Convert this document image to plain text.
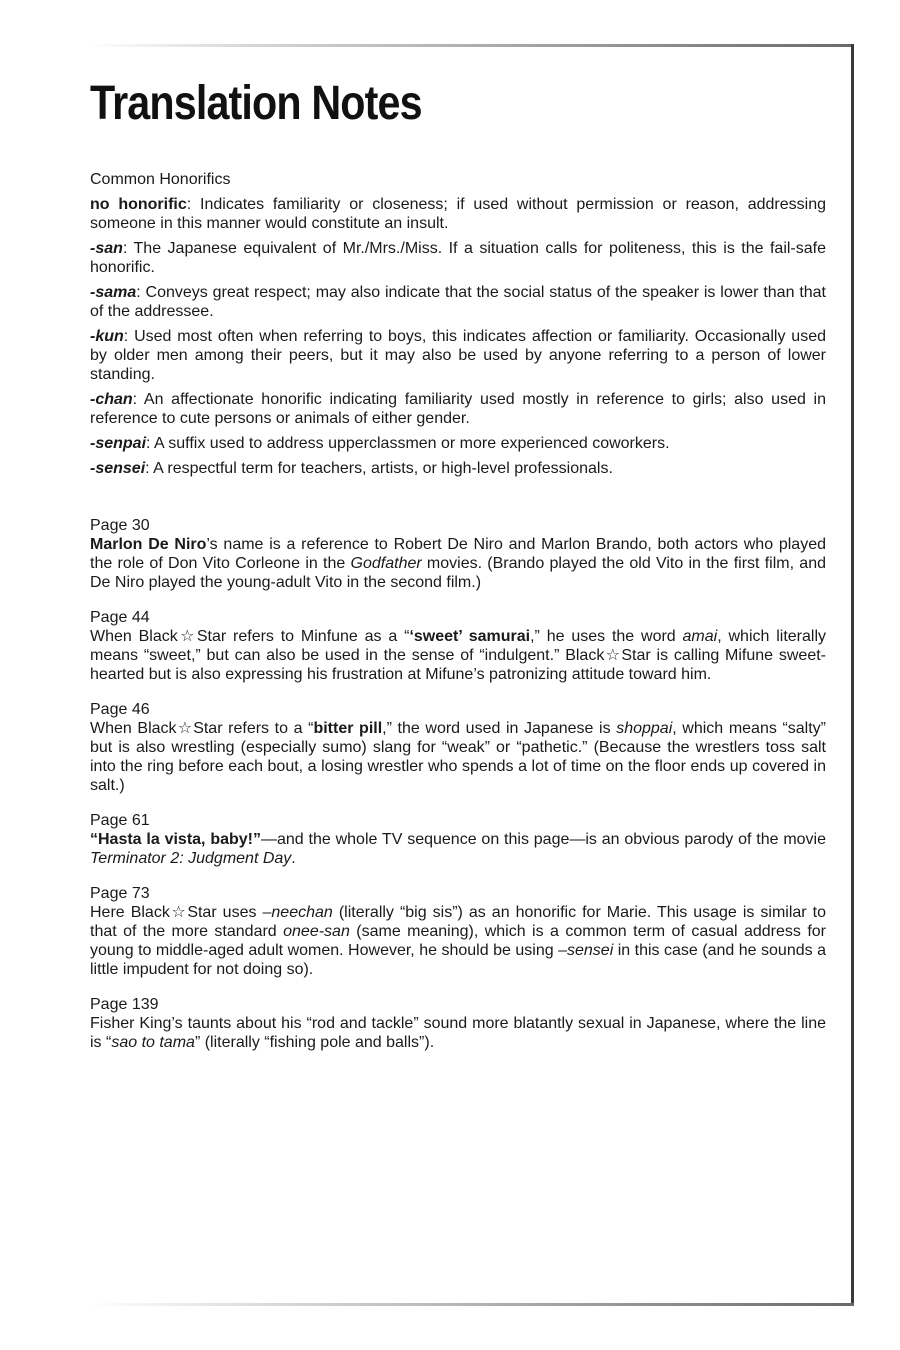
Translation Notes
Common Honorifics
no honorific: Indicates familiarity or closeness; if used without permission or reason, addressing someone in this manner would constitute an insult.
-san: The Japanese equivalent of Mr./Mrs./Miss. If a situation calls for politeness, this is the fail-safe honorific.
-sama: Conveys great respect; may also indicate that the social status of the speaker is lower than that of the addressee.
-kun: Used most often when referring to boys, this indicates affection or familiarity. Occasionally used by older men among their peers, but it may also be used by anyone referring to a person of lower standing.
-chan: An affectionate honorific indicating familiarity used mostly in reference to girls; also used in reference to cute persons or animals of either gender.
-senpai: A suffix used to address upperclassmen or more experienced coworkers.
-sensei: A respectful term for teachers, artists, or high-level professionals.
Page 30
Marlon De Niro’s name is a reference to Robert De Niro and Marlon Brando, both actors who played the role of Don Vito Corleone in the Godfather movies. (Brando played the old Vito in the first film, and De Niro played the young-adult Vito in the second film.)
Page 44
When Black☆Star refers to Minfune as a “‘sweet’ samurai,” he uses the word amai, which literally means “sweet,” but can also be used in the sense of “indulgent.” Black☆Star is calling Mifune sweet-hearted but is also expressing his frustration at Mifune’s patronizing attitude toward him.
Page 46
When Black☆Star refers to a “bitter pill,” the word used in Japanese is shoppai, which means “salty” but is also wrestling (especially sumo) slang for “weak” or “pathetic.” (Because the wrestlers toss salt into the ring before each bout, a losing wrestler who spends a lot of time on the floor ends up covered in salt.)
Page 61
“Hasta la vista, baby!”—and the whole TV sequence on this page—is an obvious parody of the movie Terminator 2: Judgment Day.
Page 73
Here Black☆Star uses –neechan (literally “big sis”) as an honorific for Marie. This usage is similar to that of the more standard onee-san (same meaning), which is a common term of casual address for young to middle-aged adult women. However, he should be using –sensei in this case (and he sounds a little impudent for not doing so).
Page 139
Fisher King’s taunts about his “rod and tackle” sound more blatantly sexual in Japanese, where the line is “sao to tama” (literally “fishing pole and balls”).
